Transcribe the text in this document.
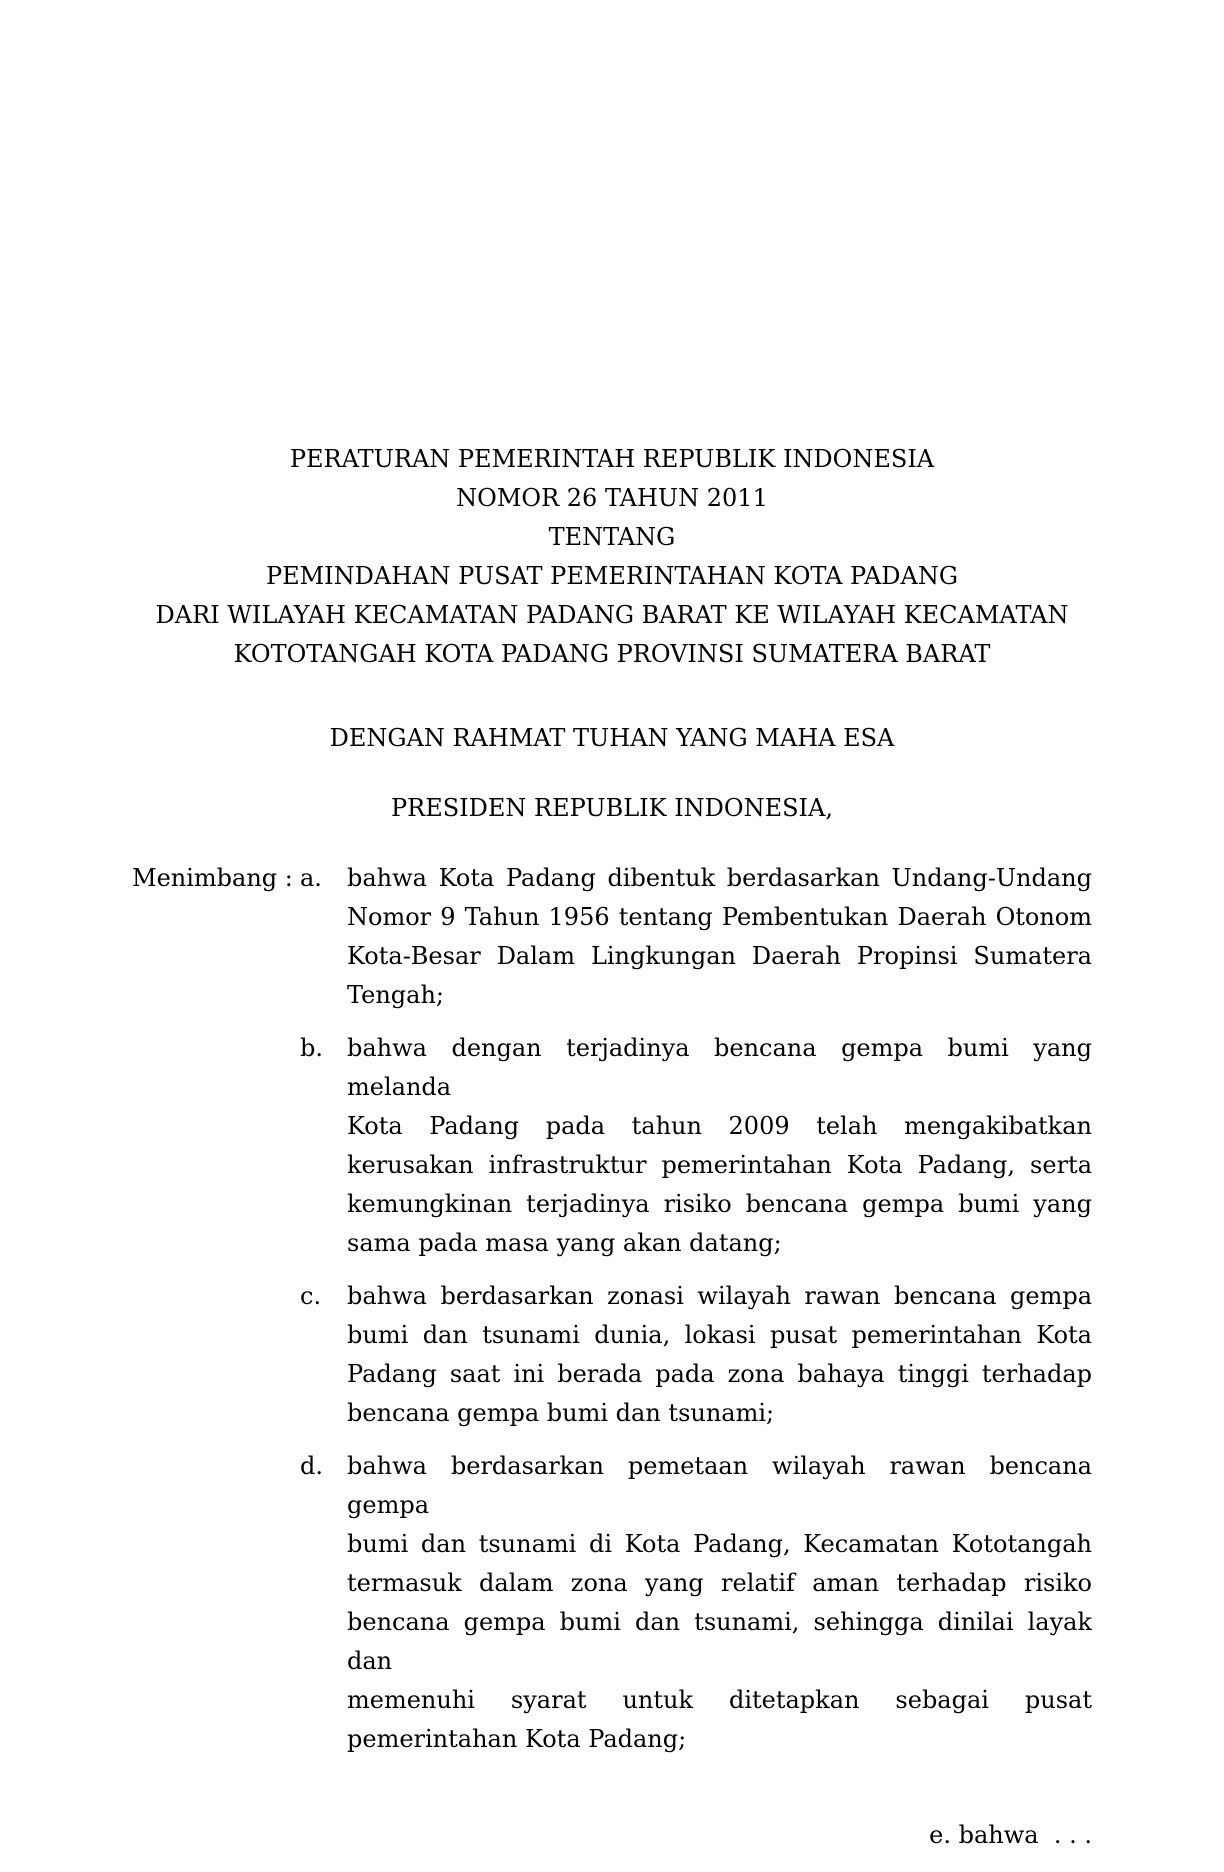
PERATURAN PEMERINTAH REPUBLIK INDONESIA
NOMOR 26 TAHUN 2011
TENTANG
PEMINDAHAN PUSAT PEMERINTAHAN KOTA PADANG
DARI WILAYAH KECAMATAN PADANG BARAT KE WILAYAH KECAMATAN
KOTOTANGAH KOTA PADANG PROVINSI SUMATERA BARAT
DENGAN RAHMAT TUHAN YANG MAHA ESA
PRESIDEN REPUBLIK INDONESIA,
Menimbang : a.	bahwa Kota Padang dibentuk berdasarkan Undang-Undang
Nomor 9 Tahun 1956 tentang Pembentukan Daerah Otonom
Kota-Besar Dalam Lingkungan Daerah Propinsi Sumatera
Tengah;
b.	bahwa dengan terjadinya bencana gempa bumi yang melanda
Kota Padang pada tahun 2009 telah mengakibatkan
kerusakan infrastruktur pemerintahan Kota Padang, serta
kemungkinan terjadinya risiko bencana gempa bumi yang
sama pada masa yang akan datang;
c.	bahwa berdasarkan zonasi wilayah rawan bencana gempa
bumi dan tsunami dunia, lokasi pusat pemerintahan Kota
Padang saat ini berada pada zona bahaya tinggi terhadap
bencana gempa bumi dan tsunami;
d.	bahwa berdasarkan pemetaan wilayah rawan bencana gempa
bumi dan tsunami di Kota Padang, Kecamatan Kototangah
termasuk dalam zona yang relatif aman terhadap risiko
bencana gempa bumi dan tsunami, sehingga dinilai layak dan
memenuhi syarat untuk ditetapkan sebagai pusat
pemerintahan Kota Padang;
e. bahwa  . . .
